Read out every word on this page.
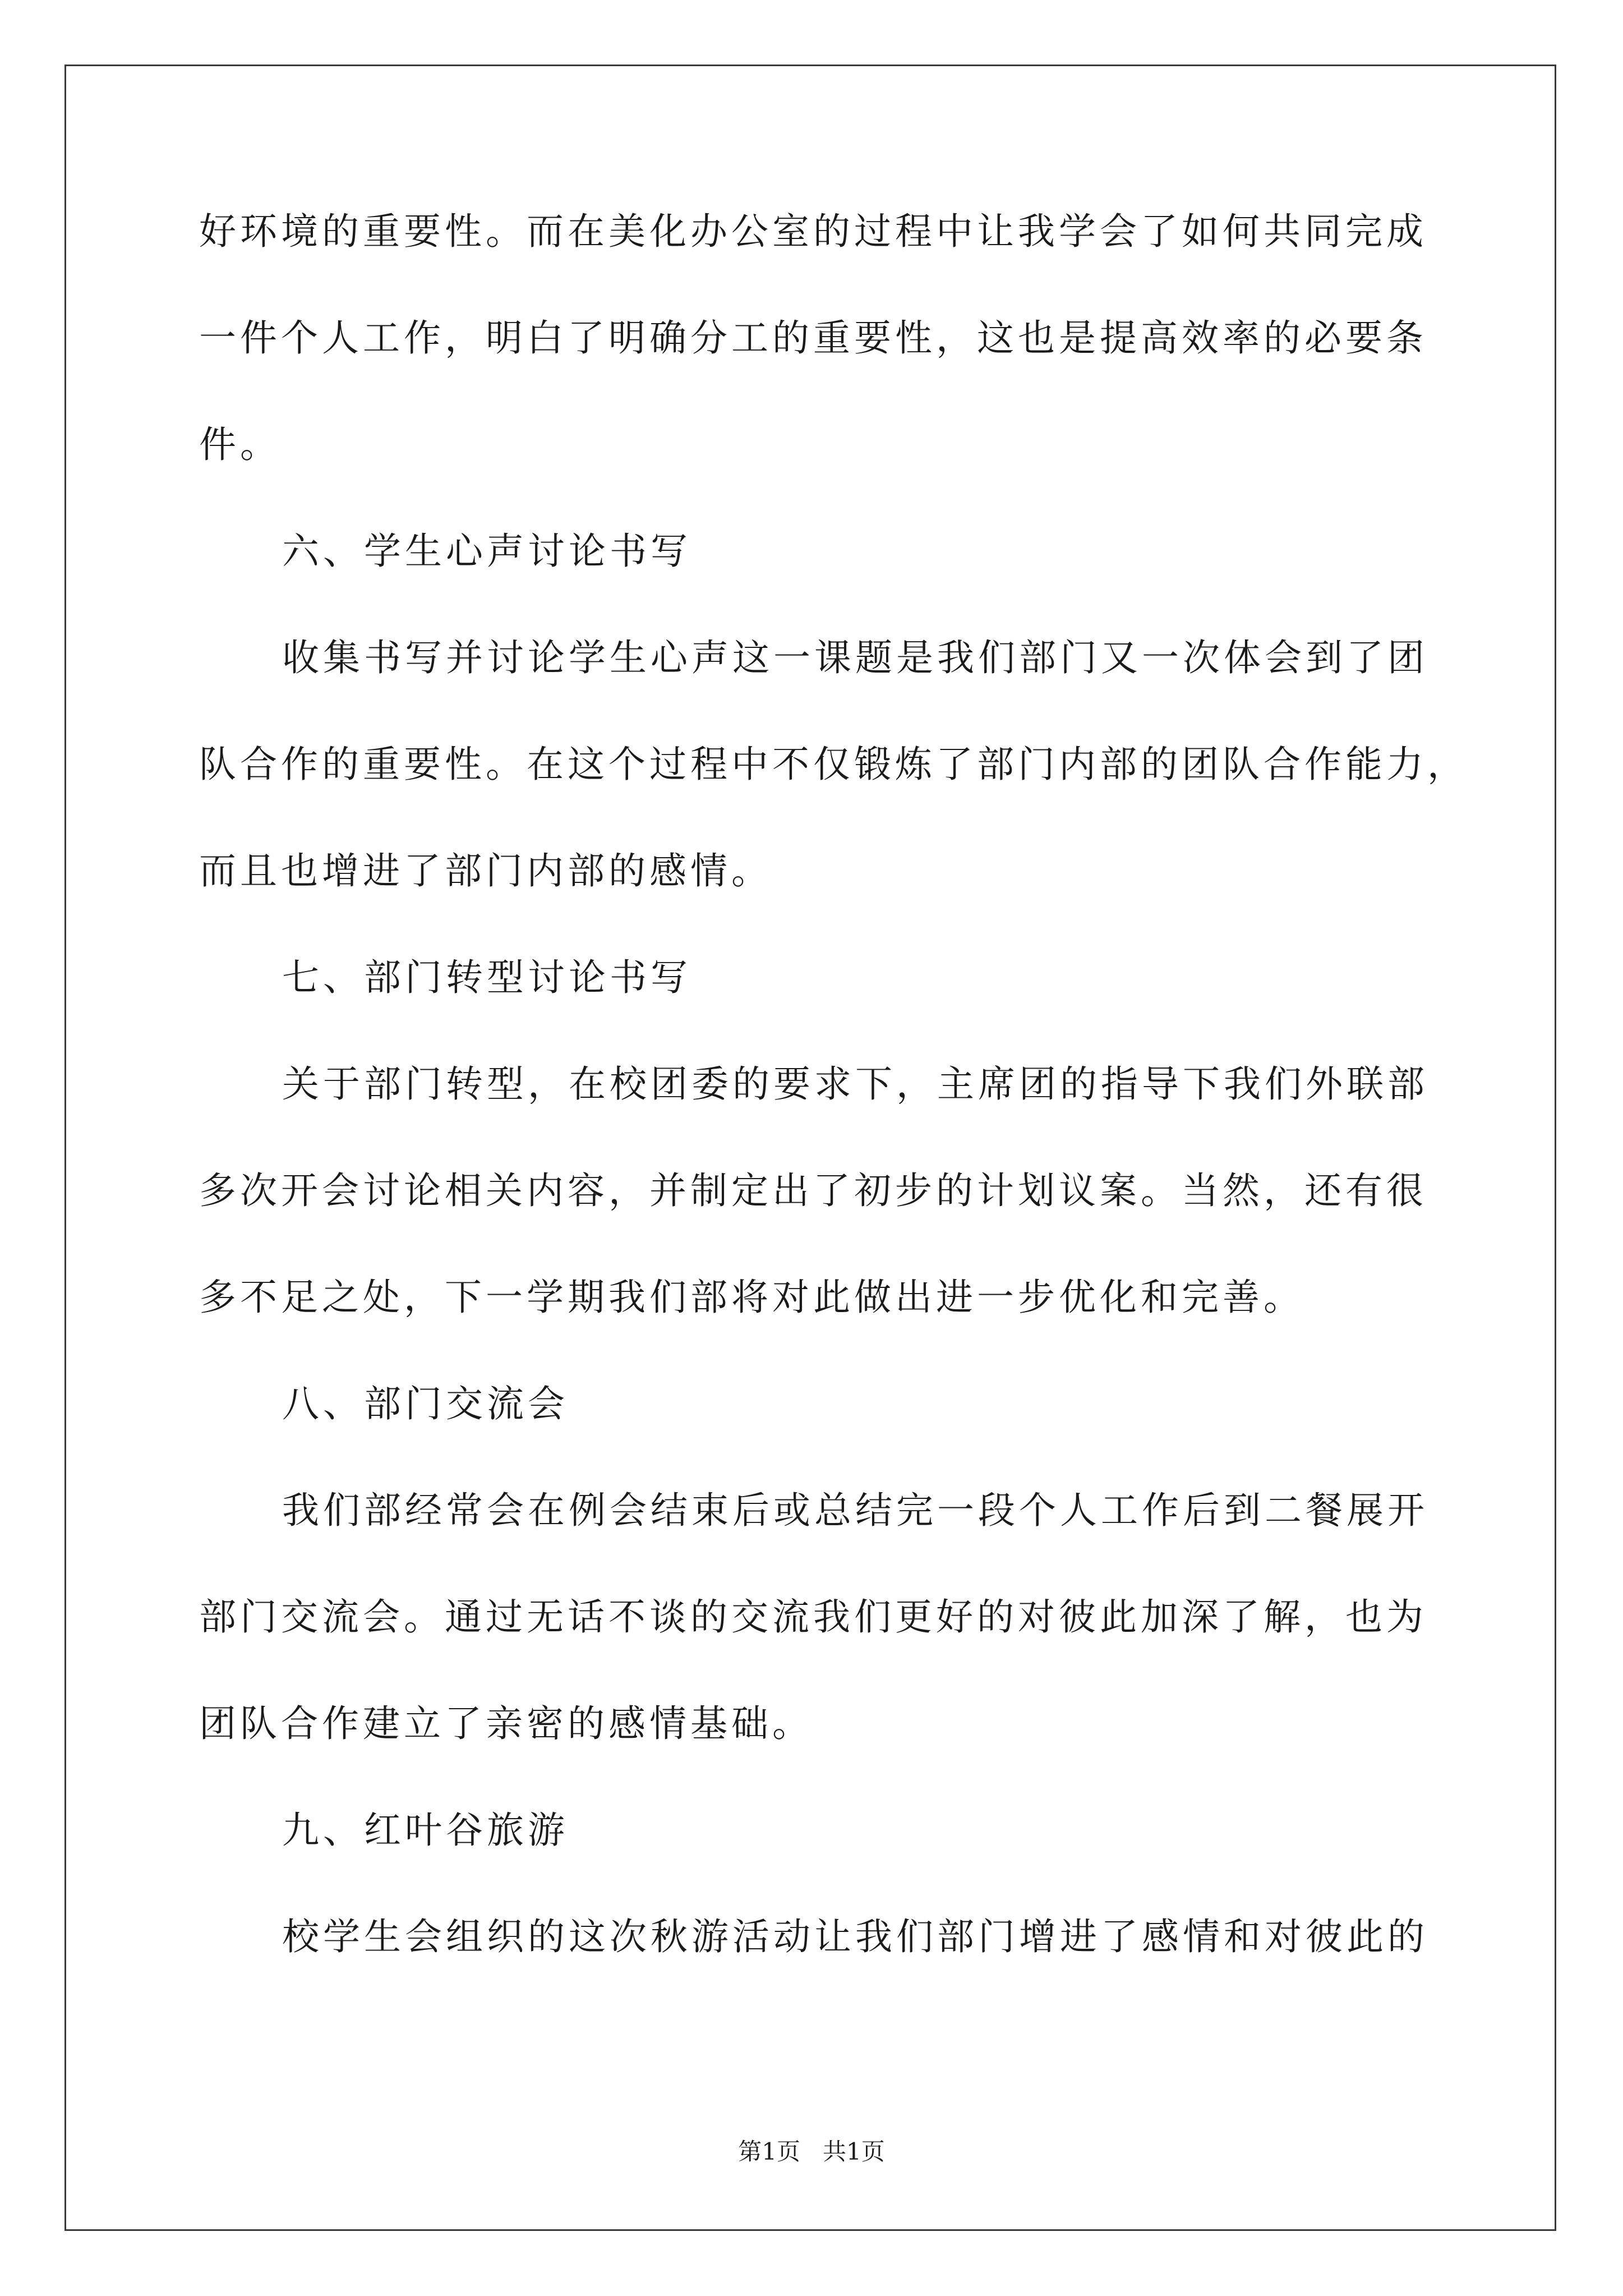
好环境的重要性。而在美化办公室的过程中让我学会了如何共同完成
一件个人工作，明白了明确分工的重要性，这也是提高效率的必要条
件。
六、学生心声讨论书写
收集书写并讨论学生心声这一课题是我们部门又一次体会到了团
队合作的重要性。在这个过程中不仅锻炼了部门内部的团队合作能力，
而且也增进了部门内部的感情。
七、部门转型讨论书写
关于部门转型，在校团委的要求下，主席团的指导下我们外联部
多次开会讨论相关内容，并制定出了初步的计划议案。当然，还有很
多不足之处，下一学期我们部将对此做出进一步优化和完善。
八、部门交流会
我们部经常会在例会结束后或总结完一段个人工作后到二餐展开
部门交流会。通过无话不谈的交流我们更好的对彼此加深了解，也为
团队合作建立了亲密的感情基础。
九、红叶谷旅游
校学生会组织的这次秋游活动让我们部门增进了感情和对彼此的
第1页   共1页
